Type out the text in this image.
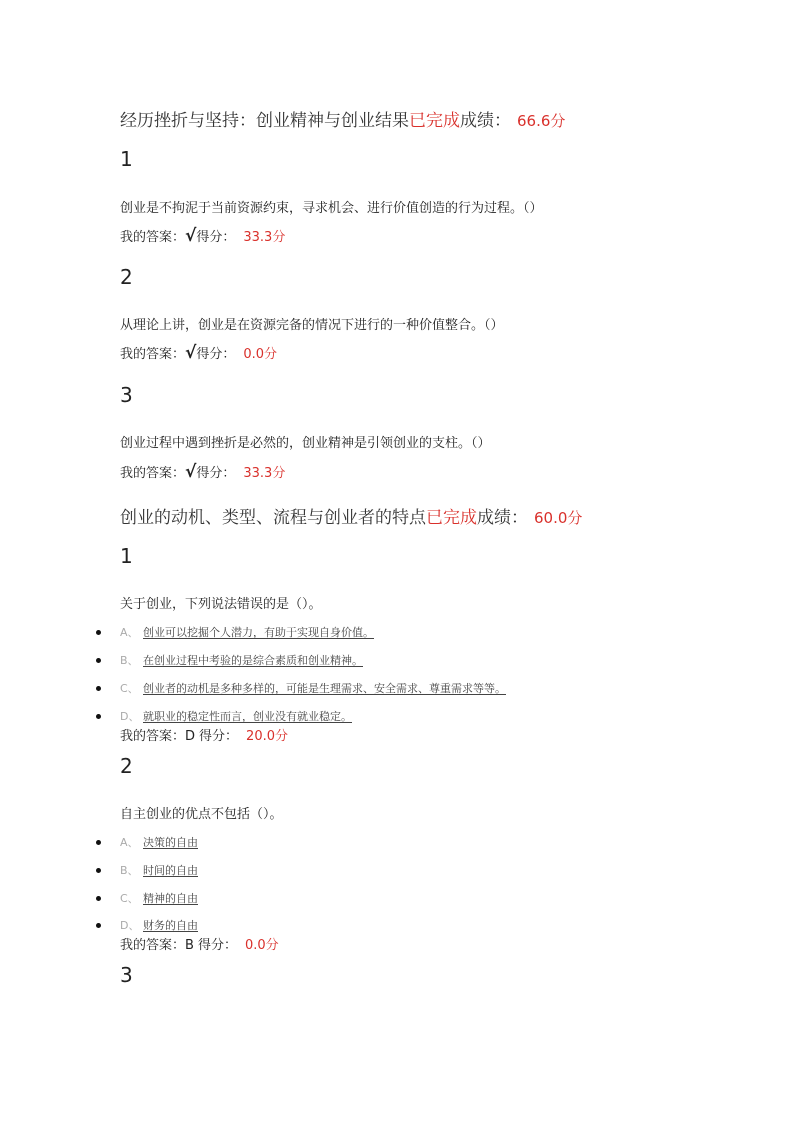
经历挫折与坚持：创业精神与创业结果已完成成绩： 66.6分
1
创业是不拘泥于当前资源约束，寻求机会、进行价值创造的行为过程。（）
我的答案：√得分： 33.3分
2
从理论上讲，创业是在资源完备的情况下进行的一种价值整合。（）
我的答案：√得分： 0.0分
3
创业过程中遇到挫折是必然的，创业精神是引领创业的支柱。（）
我的答案：√得分： 33.3分
创业的动机、类型、流程与创业者的特点已完成成绩： 60.0分
1
关于创业，下列说法错误的是（）。
A、 创业可以挖掘个人潜力，有助于实现自身价值。
B、 在创业过程中考验的是综合素质和创业精神。
C、 创业者的动机是多种多样的，可能是生理需求、安全需求、尊重需求等等。
D、 就职业的稳定性而言，创业没有就业稳定。
我的答案：D 得分： 20.0分
2
自主创业的优点不包括（）。
A、 决策的自由
B、 时间的自由
C、 精神的自由
D、 财务的自由
我的答案：B 得分： 0.0分
3
